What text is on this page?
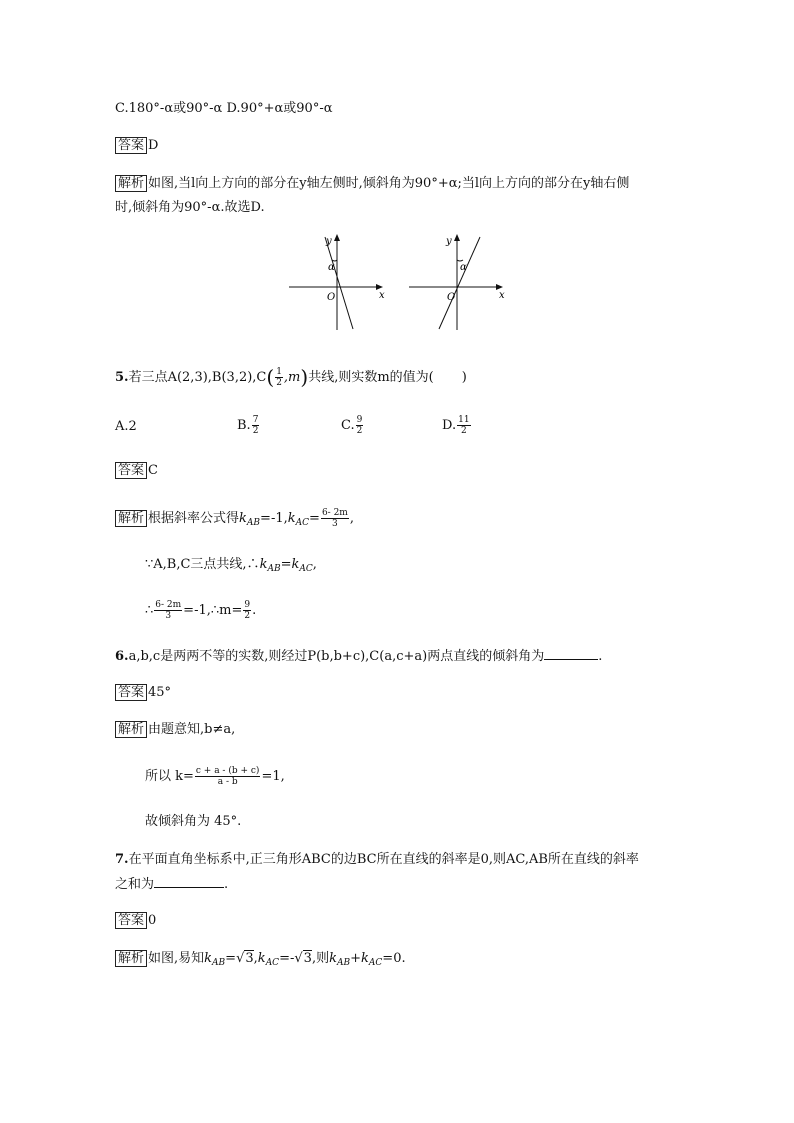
C.180°-α或90°-α D.90°+α或90°-α
答案 D
解析 如图,当l向上方向的部分在y轴左侧时,倾斜角为90°+α;当l向上方向的部分在y轴右侧
时,倾斜角为90°-α.故选D.
y
x
O
α
y
x
O
α
5.若三点$A(2,3),B(3,2),C( \frac{1}{2} ,m)$共线,则实数m的值为( )
A.2	B. $\frac{7}{2}$	C. $\frac{9}{2}$	D. $\frac{11}{2}$
答案 C
解析 根据斜率公式得$k_{AB}=-1,k_{AC}= \frac{6- 2m}{3}$ ,
∵A,B,C三点共线$,\therefore k_{AB}=k_{AC}$,
∴ $\frac{6- 2m}{3}$ =-1,∴m= $\frac{9}{2}$ .
6.a,b,c是两两不等的实数,则经过P(b,b+c),C(a,c+a)两点直线的倾斜角为	.
答案 45°
解析 由题意知,b≠a,
所以 $k= \frac{c + a - (b + c)}{a - b} =1$,
故倾斜角为 45°.
7.在平面直角坐标系中,正三角形ABC的边BC所在直线的斜率是0,则AC,AB所在直线的斜率
之和为	.
答案 0
解析 如图,易知$k_{AB}=√3,k_{AC}=-√3$,则$k_{AB}+k_{AC}=0$.
